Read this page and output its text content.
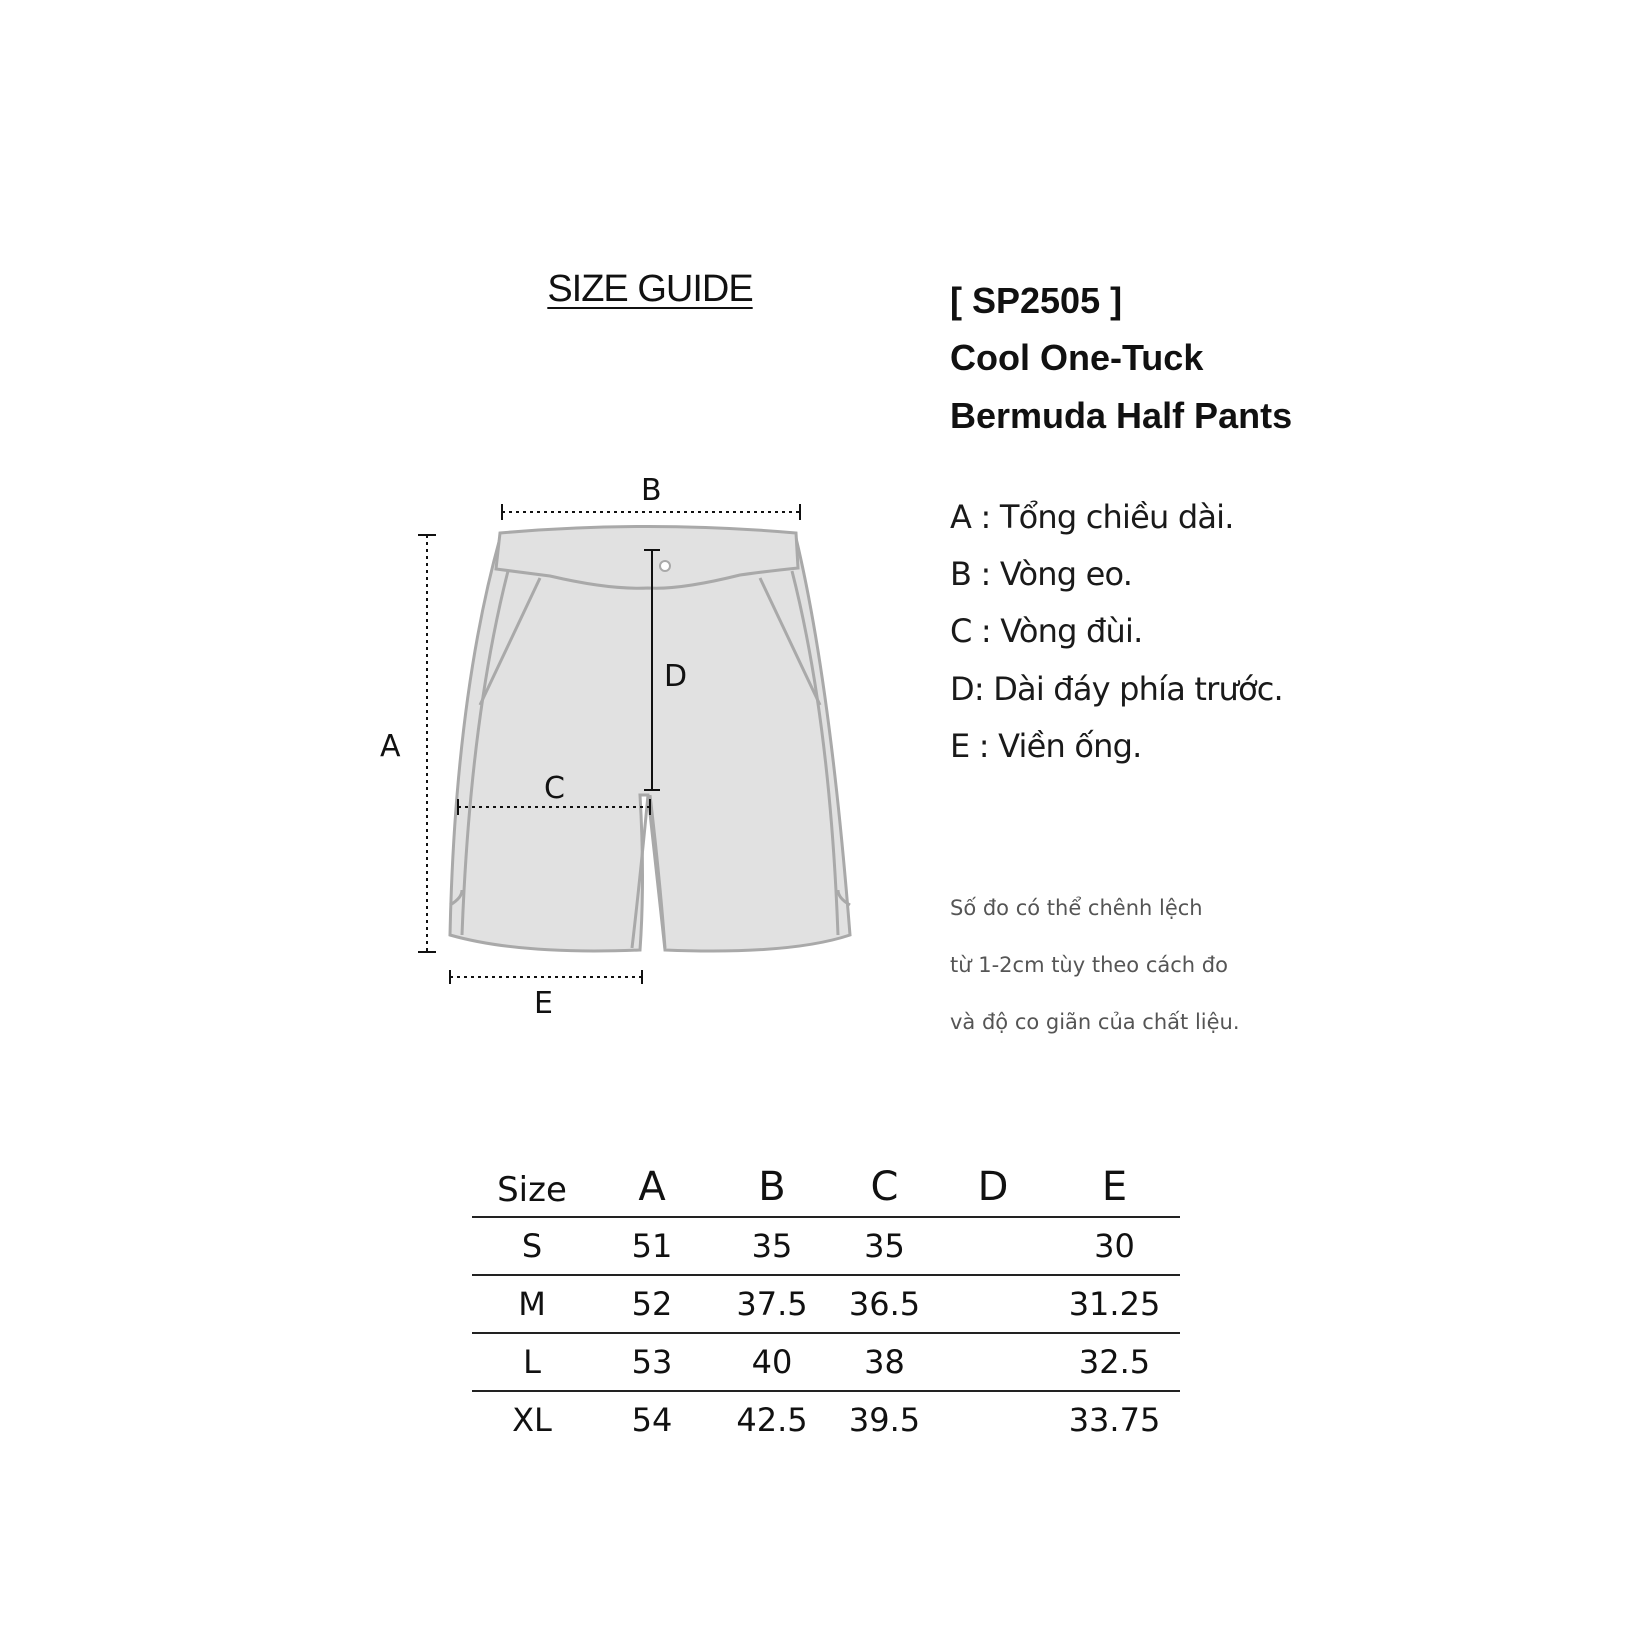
A
B
C
D
E
SIZE GUIDE	[ SP2505 ]
Cool One-Tuck
Bermuda Half Pants
A : Tổng chiều dài.
B : Vòng eo.
C : Vòng đùi.
D: Dài đáy phía trước.
E : Viền ống.
Số đo có thể chênh lệch
từ 1-2cm tùy theo cách đo
và độ co giãn của chất liệu.
Size	A	B	C	D	E
S	51	35	35		30
M	52	37.5	36.5		31.25
L	53	40	38		32.5
XL	54	42.5	39.5		33.75
